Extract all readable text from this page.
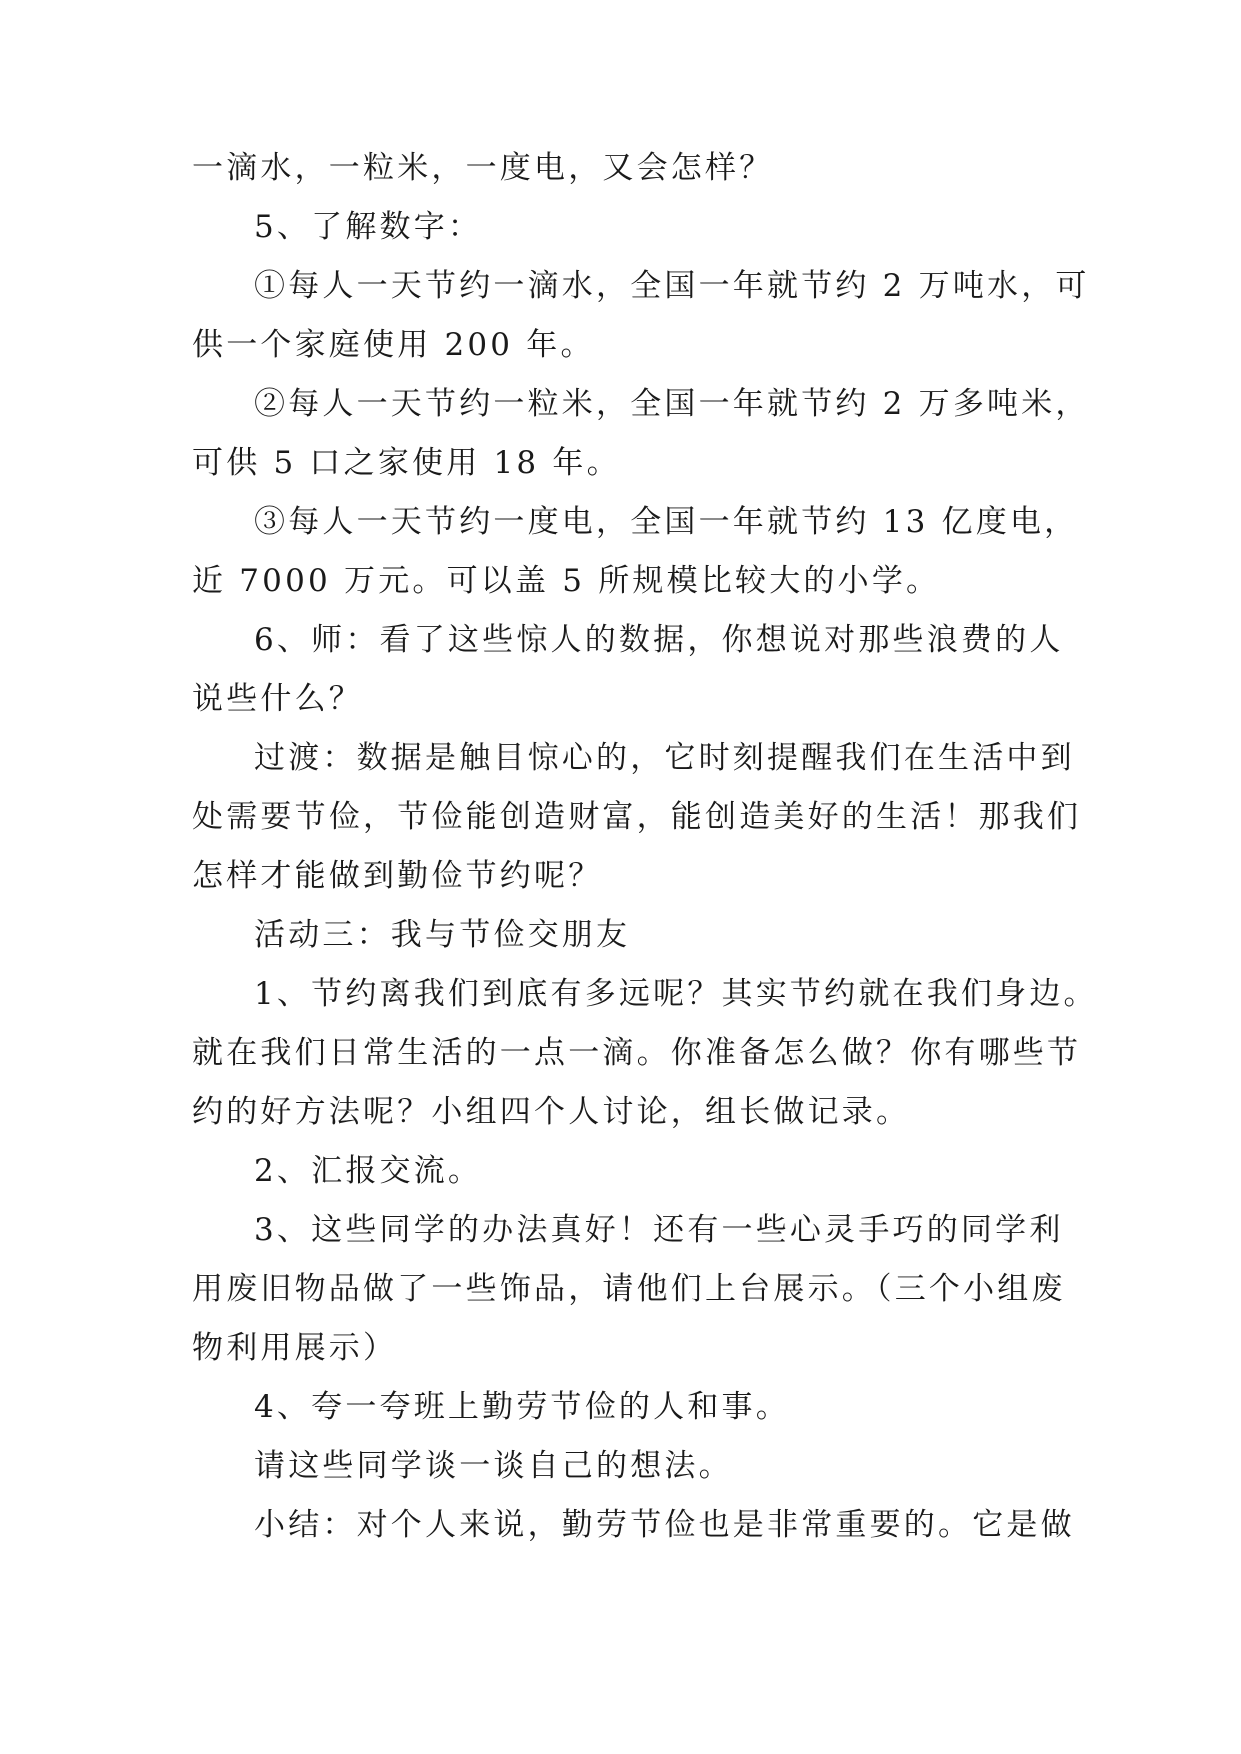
一滴水，一粒米，一度电，又会怎样？

5、了解数字：

①每人一天节约一滴水，全国一年就节约 2 万吨水，可

供一个家庭使用 200 年。

②每人一天节约一粒米，全国一年就节约 2 万多吨米，

可供 5 口之家使用 18 年。

③每人一天节约一度电，全国一年就节约 13 亿度电，

近 7000 万元。可以盖 5 所规模比较大的小学。

6、师：看了这些惊人的数据，你想说对那些浪费的人

说些什么？

过渡：数据是触目惊心的，它时刻提醒我们在生活中到

处需要节俭，节俭能创造财富，能创造美好的生活！那我们

怎样才能做到勤俭节约呢？

活动三：我与节俭交朋友

1、节约离我们到底有多远呢？其实节约就在我们身边。

就在我们日常生活的一点一滴。你准备怎么做？你有哪些节

约的好方法呢？小组四个人讨论，组长做记录。

2、汇报交流。

3、这些同学的办法真好！还有一些心灵手巧的同学利

用废旧物品做了一些饰品，请他们上台展示。（三个小组废

物利用展示）

4、夸一夸班上勤劳节俭的人和事。

请这些同学谈一谈自己的想法。

小结：对个人来说，勤劳节俭也是非常重要的。它是做
